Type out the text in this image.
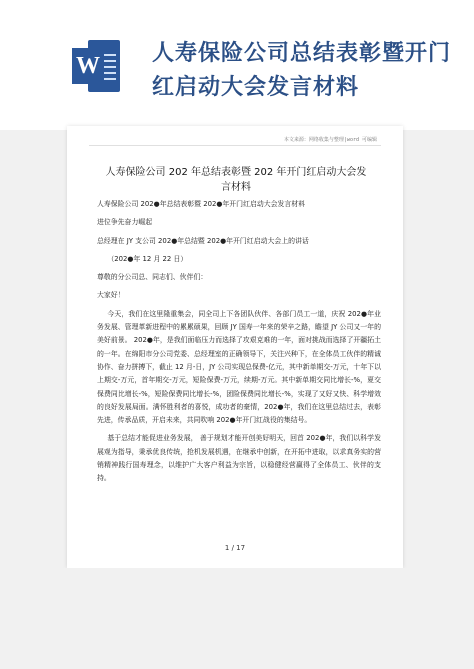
W 人寿保险公司总结表彰暨开门
红启动大会发言材料
本文来源：网络收集与整理|word 可编辑
人寿保险公司 202 年总结表彰暨 202 年开门红启动大会发言材料

人寿保险公司 202●年总结表彰暨 202●年开门红启动大会发言材料

进位争先奋力崛起

总经理在 JY 支公司 202●年总结暨 202●年开门红启动大会上的讲话

（202●年 12 月 22 日）

尊敬的分公司总、同志们、伙伴们：

大家好！

今天，我们在这里隆重集会，同全司上下各团队伙伴、各部门员工一道，庆祝 202●年业务发展、管理革新进程中的累累硕果，回顾 JY 国寿一年来的荣辛之路，瞻望 JY 公司又一年的美好前景。 202●年，是我们面临压力而选择了攻艰克难的一年，面对挑战而选择了开疆拓土的一年。在绵阳市分公司党委、总经理室的正确领导下，关注兴种下，在全体员工伙伴的精诚协作、奋力拼搏下，截止 12 月-日，JY 公司实现总保费-亿元，其中新单期交-万元，十年下以上期交-万元，首年期交-万元，短险保费-万元，续期-万元。其中新单期交同比增长-%，夏交保费同比增长-%，短险保费同比增长-%，团险保费同比增长-%，实现了又好又快、科学增效的良好发展局面。满怀胜利者的喜悦，成功者的豪情，202●年，我们在这里总结过去，表彰先进，传承品质，开启未来，共同吹响 202●年开门红战役的集结号。

基于总结才能促进业务发展， 善于规划才能开创美好明天，回首 202●年，我们以科学发展观为指导，秉承优良传统，抢机发展机遇，在继承中创新，在开拓中进取，以求真务实的营销精神践行国寿理念，以维护广大客户利益为宗旨，以稳健经营赢得了全体员工、伙伴的支持。

1 / 17
